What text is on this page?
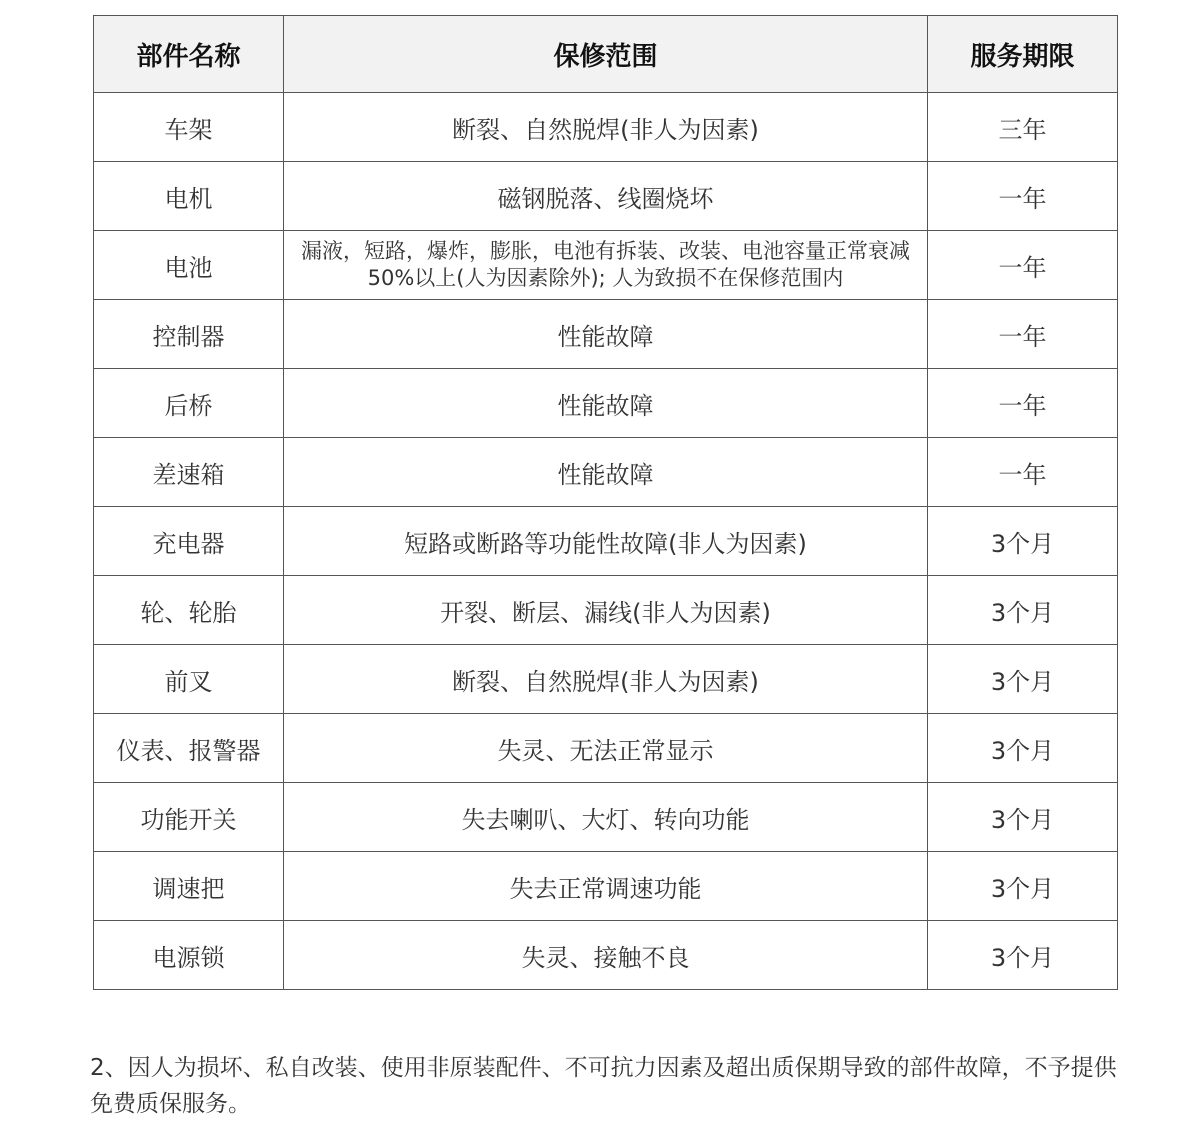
部件名称	保修范围	服务期限
车架	断裂、自然脱焊(非人为因素)	三年
电机	磁钢脱落、线圈烧坏	一年
电池	漏液，短路，爆炸，膨胀，电池有拆装、改装、电池容量正常衰减50%以上(人为因素除外); 人为致损不在保修范围内	一年
控制器	性能故障	一年
后桥	性能故障	一年
差速箱	性能故障	一年
充电器	短路或断路等功能性故障(非人为因素)	3个月
轮、轮胎	开裂、断层、漏线(非人为因素)	3个月
前叉	断裂、自然脱焊(非人为因素)	3个月
仪表、报警器	失灵、无法正常显示	3个月
功能开关	失去喇叭、大灯、转向功能	3个月
调速把	失去正常调速功能	3个月
电源锁	失灵、接触不良	3个月

2、因人为损坏、私自改装、使用非原装配件、不可抗力因素及超出质保期导致的部件故障，不予提供免费质保服务。
